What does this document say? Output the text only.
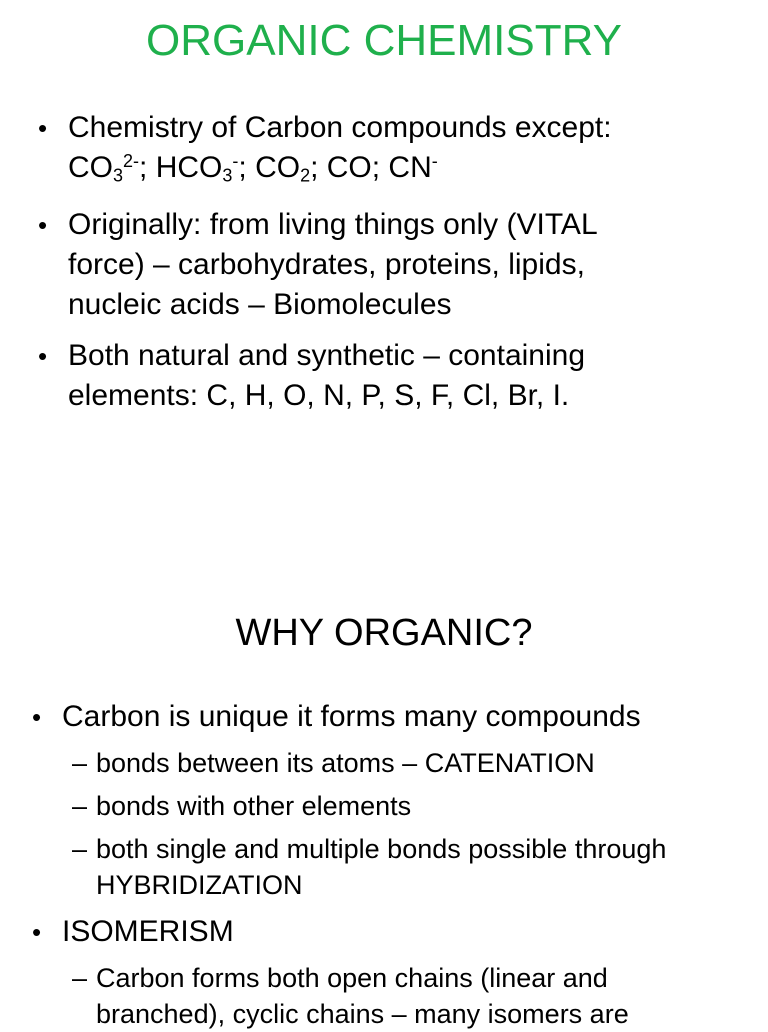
ORGANIC CHEMISTRY
• Chemistry of Carbon compounds except:
$CO_3^{2-}$; $HCO_3^-$; $CO_2$; CO; CN-
• Originally: from living things only (VITAL
force) – carbohydrates, proteins, lipids,
nucleic acids – Biomolecules
• Both natural and synthetic – containing
elements: C, H, O, N, P, S, F, Cl, Br, I.
WHY ORGANIC?
• Carbon is unique it forms many compounds
– bonds between its atoms – CATENATION
– bonds with other elements
– both single and multiple bonds possible through
HYBRIDIZATION
• ISOMERISM
– Carbon forms both open chains (linear and
branched), cyclic chains – many isomers are
